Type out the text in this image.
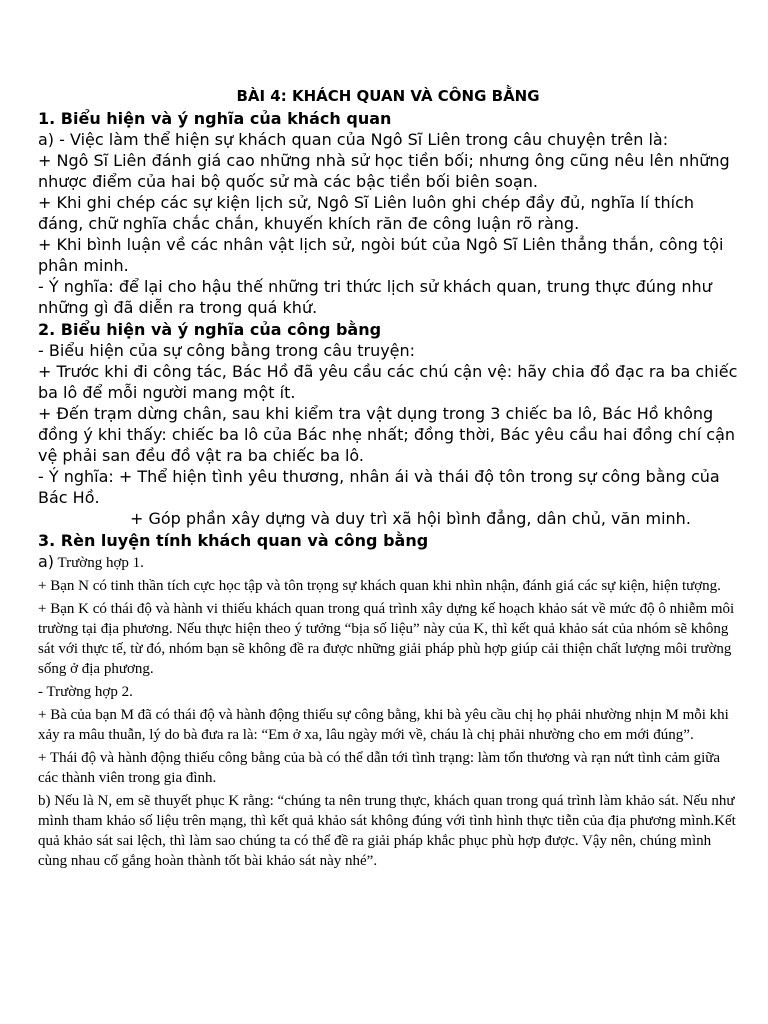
BÀI 4: KHÁCH QUAN VÀ CÔNG BẰNG
1. Biểu hiện và ý nghĩa của khách quan

a) - Việc làm thể hiện sự khách quan của Ngô Sĩ Liên trong câu chuyện trên là:

+ Ngô Sĩ Liên đánh giá cao những nhà sử học tiền bối; nhưng ông cũng nêu lên những nhược điểm của hai bộ quốc sử mà các bậc tiền bối biên soạn.

+ Khi ghi chép các sự kiện lịch sử, Ngô Sĩ Liên luôn ghi chép đầy đủ, nghĩa lí thích đáng, chữ nghĩa chắc chắn, khuyến khích răn đe công luận rõ ràng.

+ Khi bình luận về các nhân vật lịch sử, ngòi bút của Ngô Sĩ Liên thẳng thắn, công tội phân minh.

- Ý nghĩa: để lại cho hậu thế những tri thức lịch sử khách quan, trung thực đúng như những gì đã diễn ra trong quá khứ.

2. Biểu hiện và ý nghĩa của công bằng

- Biểu hiện của sự công bằng trong câu truyện:

+ Trước khi đi công tác, Bác Hồ đã yêu cầu các chú cận vệ: hãy chia đồ đạc ra ba chiếc ba lô để mỗi người mang một ít.

+ Đến trạm dừng chân, sau khi kiểm tra vật dụng trong 3 chiếc ba lô, Bác Hồ không đồng ý khi thấy: chiếc ba lô của Bác nhẹ nhất; đồng thời, Bác yêu cầu hai đồng chí cận vệ phải san đều đồ vật ra ba chiếc ba lô.

- Ý nghĩa: + Thể hiện tình yêu thương, nhân ái và thái độ tôn trong sự công bằng của Bác Hồ.

+ Góp phần xây dựng và duy trì xã hội bình đẳng, dân chủ, văn minh.

3. Rèn luyện tính khách quan và công bằng

a) Trường hợp 1.

+ Bạn N có tinh thần tích cực học tập và tôn trọng sự khách quan khi nhìn nhận, đánh giá các sự kiện, hiện tượng.

+ Bạn K có thái độ và hành vi thiếu khách quan trong quá trình xây dựng kế hoạch khảo sát về mức độ ô nhiễm môi trường tại địa phương. Nếu thực hiện theo ý tưởng “bịa số liệu” này của K, thì kết quả khảo sát của nhóm sẽ không sát với thực tế, từ đó, nhóm bạn sẽ không đề ra được những giải pháp phù hợp giúp cải thiện chất lượng môi trường sống ở địa phương.

- Trường hợp 2.

+ Bà của bạn M đã có thái độ và hành động thiếu sự công bằng, khi bà yêu cầu chị họ phải nhường nhịn M mỗi khi xảy ra mâu thuẫn, lý do bà đưa ra là: “Em ở xa, lâu ngày mới về, cháu là chị phải nhường cho em mới đúng”.

+ Thái độ và hành động thiếu công bằng của bà có thể dẫn tới tình trạng: làm tổn thương và rạn nứt tình cảm giữa các thành viên trong gia đình.

b) Nếu là N, em sẽ thuyết phục K rằng: “chúng ta nên trung thực, khách quan trong quá trình làm khảo sát. Nếu như mình tham khảo số liệu trên mạng, thì kết quả khảo sát không đúng với tình hình thực tiễn của địa phương mình.Kết quả khảo sát sai lệch, thì làm sao chúng ta có thể đề ra giải pháp khắc phục phù hợp được. Vậy nên, chúng mình cùng nhau cố gắng hoàn thành tốt bài khảo sát này nhé”.
